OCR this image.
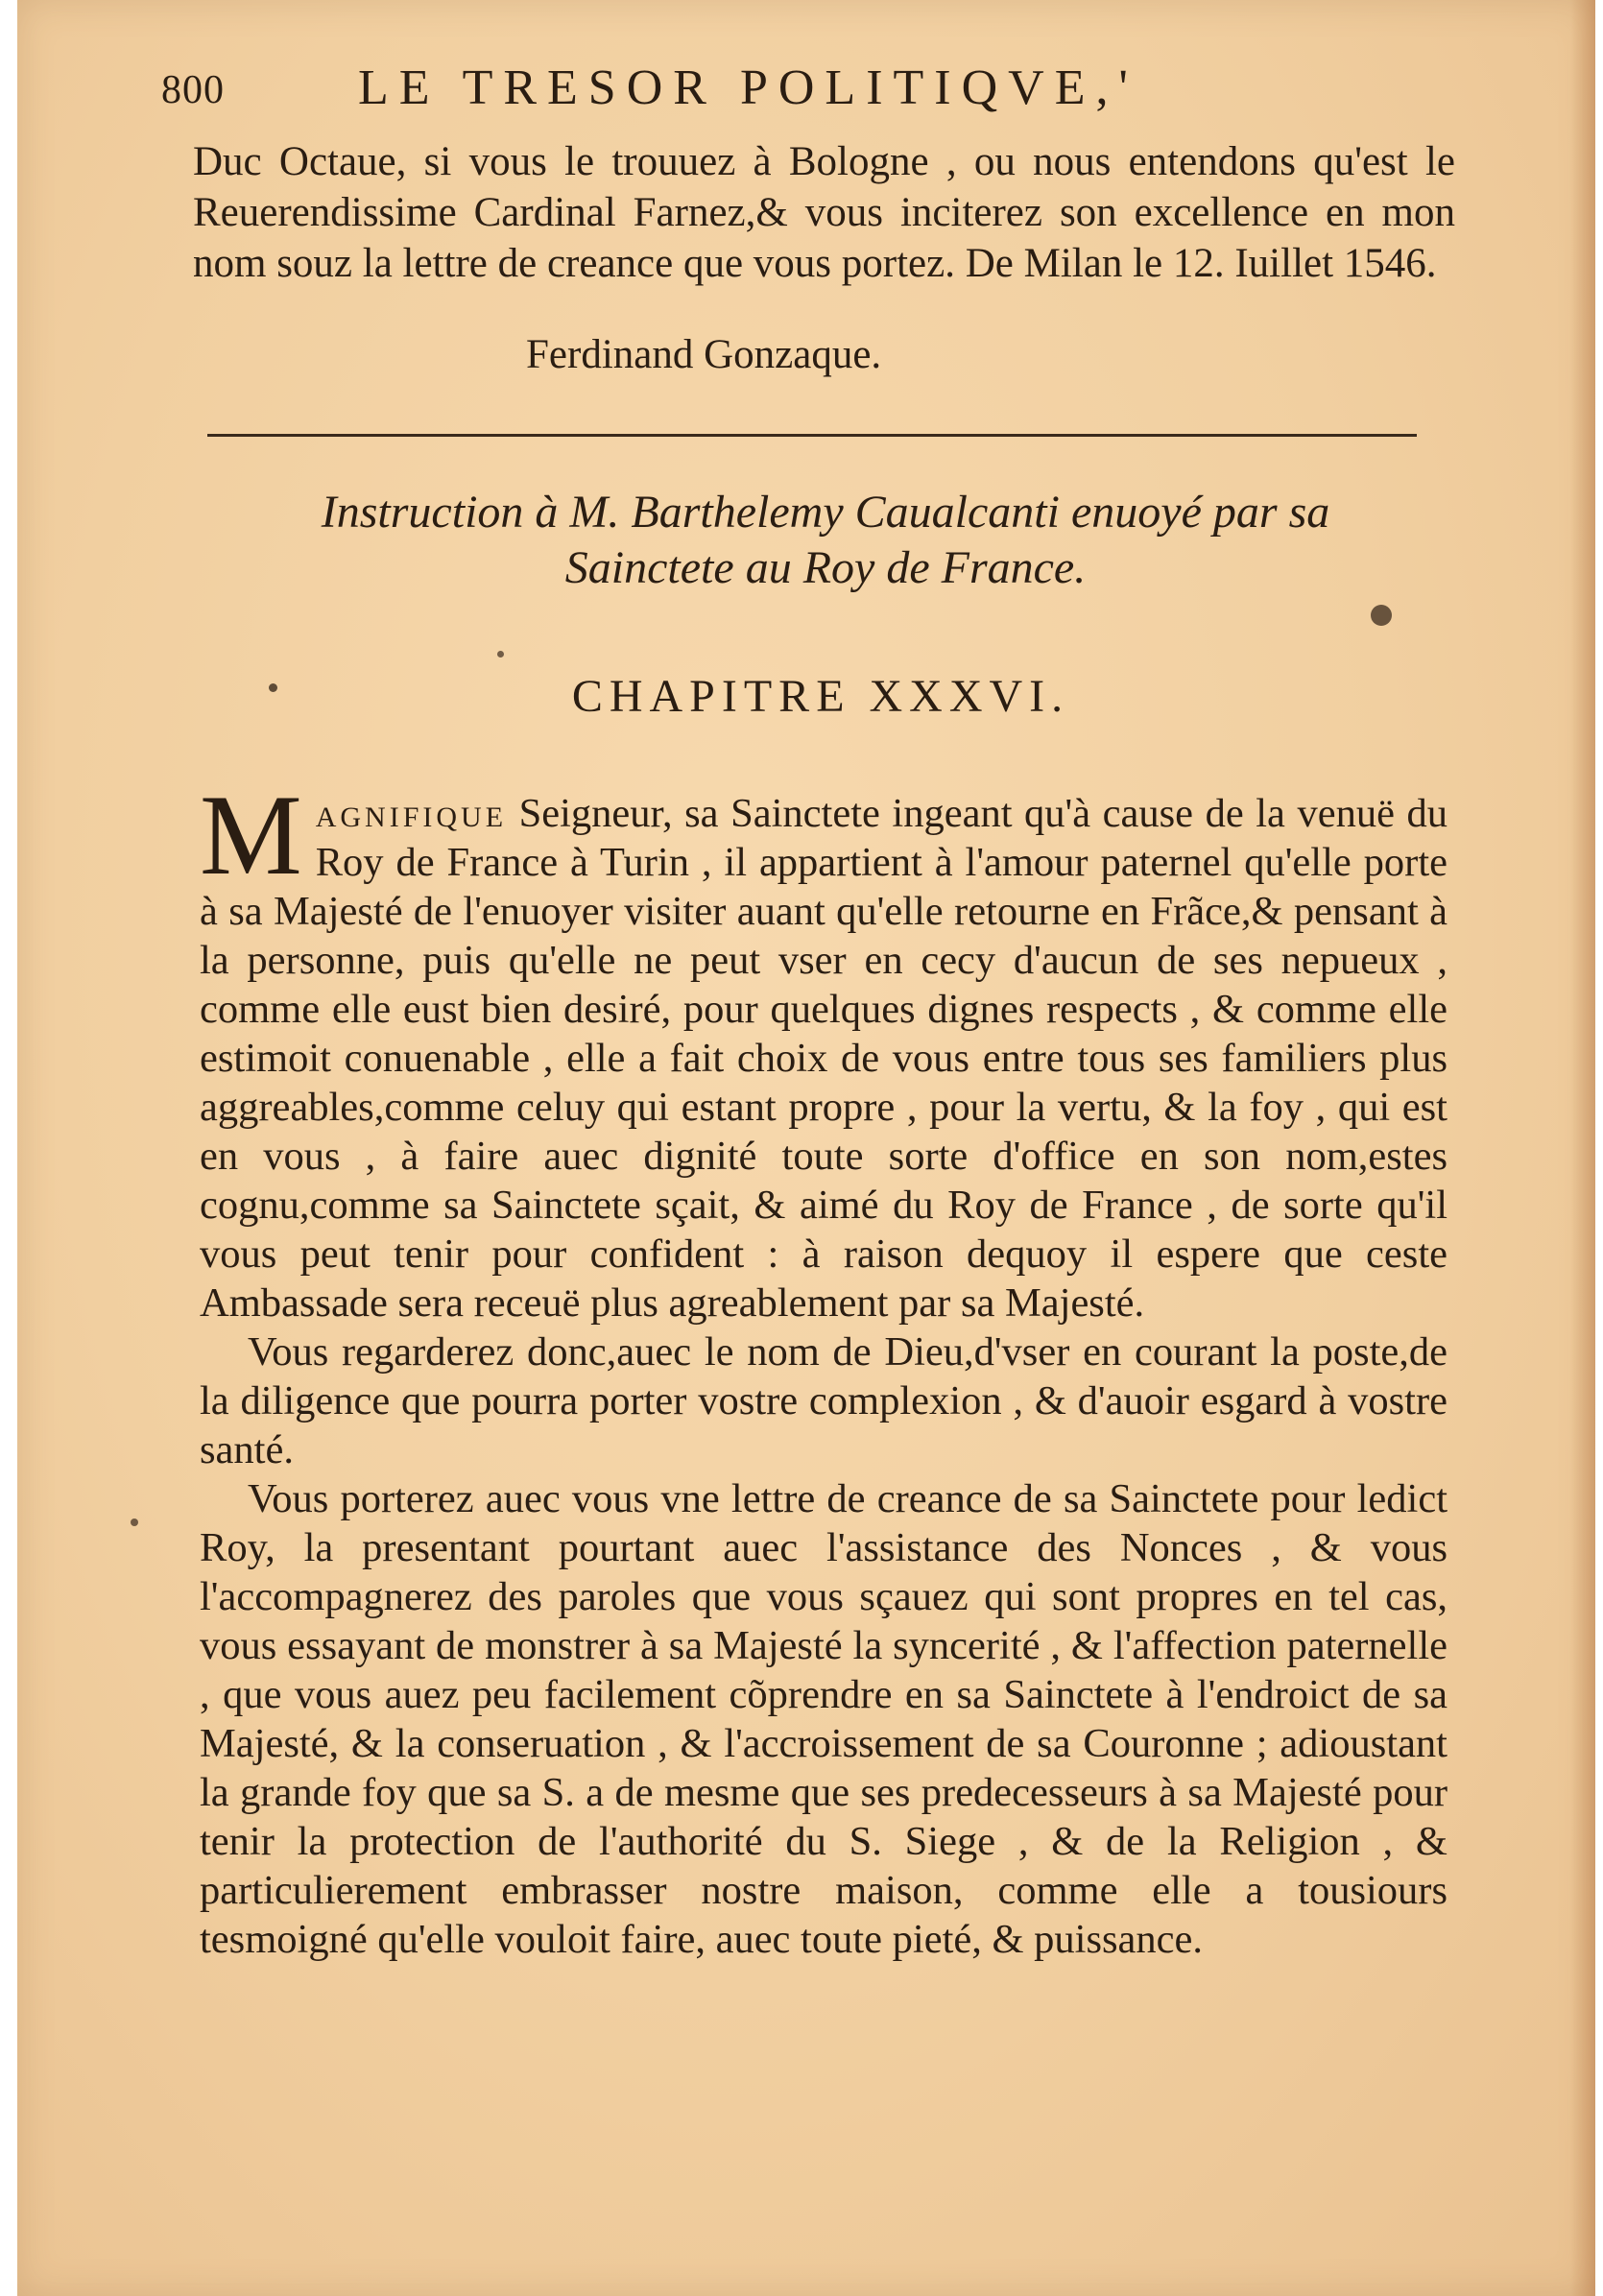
800	LE TRESOR POLITIQVE,'
Duc Octaue, si vous le trouuez à Bologne , ou nous entendons qu'est le Reuerendissime Cardinal Farnez,& vous inciterez son excellence en mon nom souz la lettre de creance que vous portez. De Milan le 12. Iuillet 1546.
Ferdinand Gonzaque.
Instruction à M. Barthelemy Caualcanti enuoyé par sa
Sainctete au Roy de France.
CHAPITRE XXXVI.

Magnifique Seigneur, sa Sainctete ingeant qu'à cause de la venuë du Roy de France à Turin , il appartient à l'amour paternel qu'elle porte à sa Majesté de l'enuoyer visiter auant qu'elle retourne en Frãce,& pensant à la personne, puis qu'elle ne peut vser en cecy d'aucun de ses nepueux , comme elle eust bien desiré, pour quelques dignes respects , & comme elle estimoit conuenable , elle a fait choix de vous entre tous ses familiers plus aggreables,comme celuy qui estant propre , pour la vertu, & la foy , qui est en vous , à faire auec dignité toute sorte d'office en son nom,estes cognu,comme sa Sainctete sçait, & aimé du Roy de France , de sorte qu'il vous peut tenir pour confident : à raison dequoy il espere que ceste Ambassade sera receuë plus agreablement par sa Majesté.

Vous regarderez donc,auec le nom de Dieu,d'vser en courant la poste,de la diligence que pourra porter vostre complexion , & d'auoir esgard à vostre santé.

Vous porterez auec vous vne lettre de creance de sa Sainctete pour ledict Roy, la presentant pourtant auec l'assistance des Nonces , & vous l'accompagnerez des paroles que vous sçauez qui sont propres en tel cas, vous essayant de monstrer à sa Majesté la syncerité , & l'affection paternelle , que vous auez peu facilement cõprendre en sa Sainctete à l'endroict de sa Majesté, & la conseruation , & l'accroissement de sa Couronne ; adioustant la grande foy que sa S. a de mesme que ses predecesseurs à sa Majesté pour tenir la protection de l'authorité du S. Siege , & de la Religion , & particulierement embrasser nostre maison, comme elle a tousiours tesmoigné qu'elle vouloit faire, auec toute pieté, & puissance.
